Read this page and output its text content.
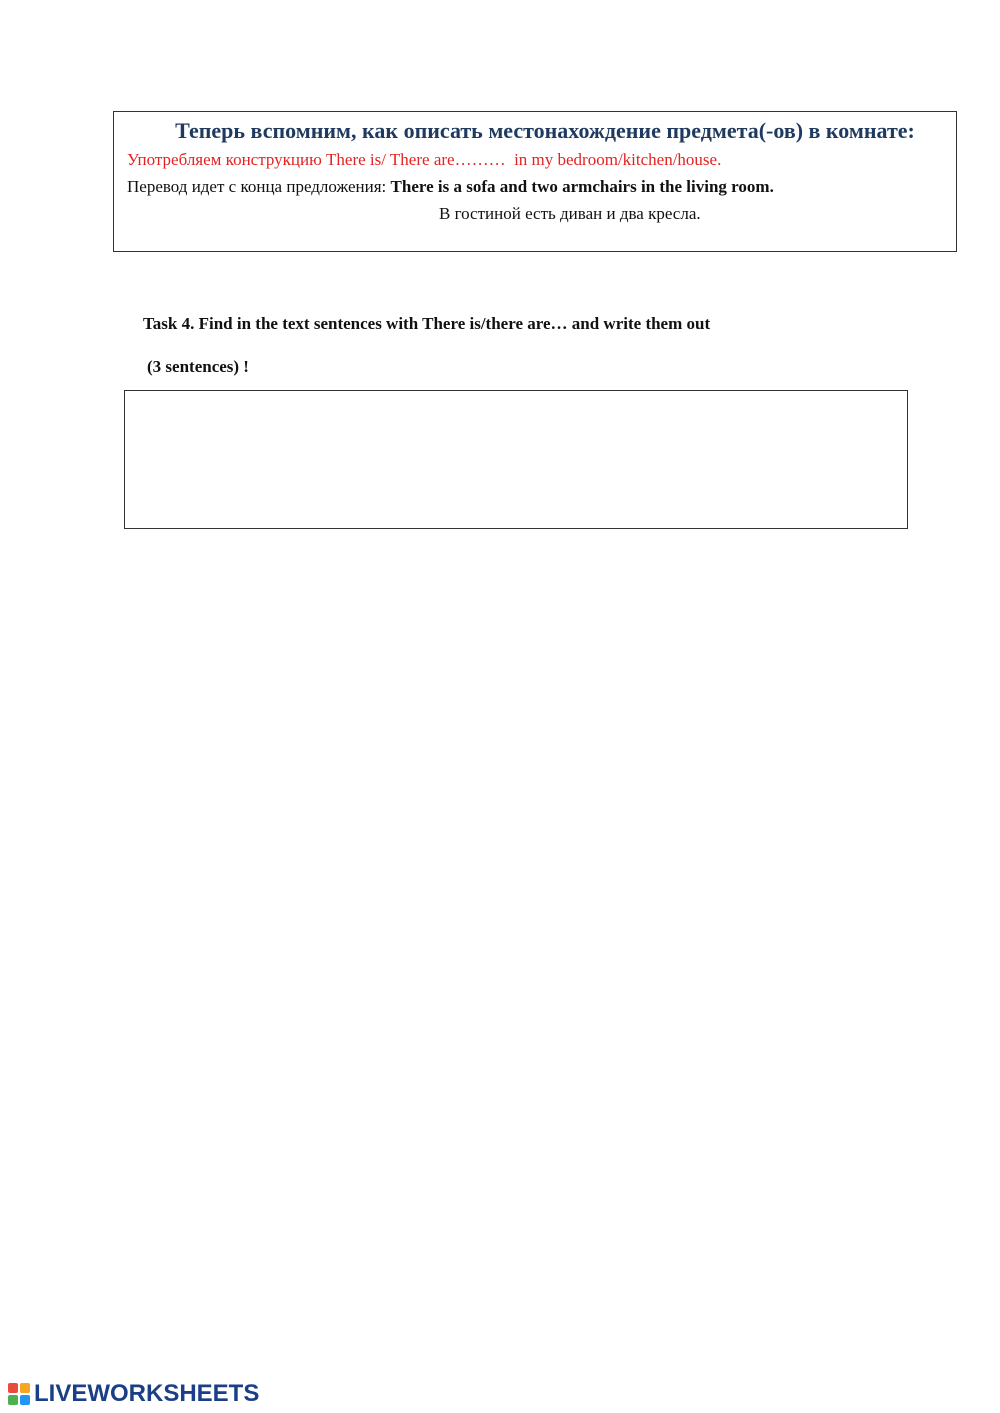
Теперь вспомним, как описать местонахождение предмета(-ов) в комнате:
Употребляем конструкцию There is/ There are………  in my bedroom/kitchen/house.
Перевод идет с конца предложения: There is a sofa and two armchairs in the living room.
В гостиной есть диван и два кресла.
Task 4. Find in the text sentences with There is/there are… and write them out
(3 sentences) !
LIVEWORKSHEETS
